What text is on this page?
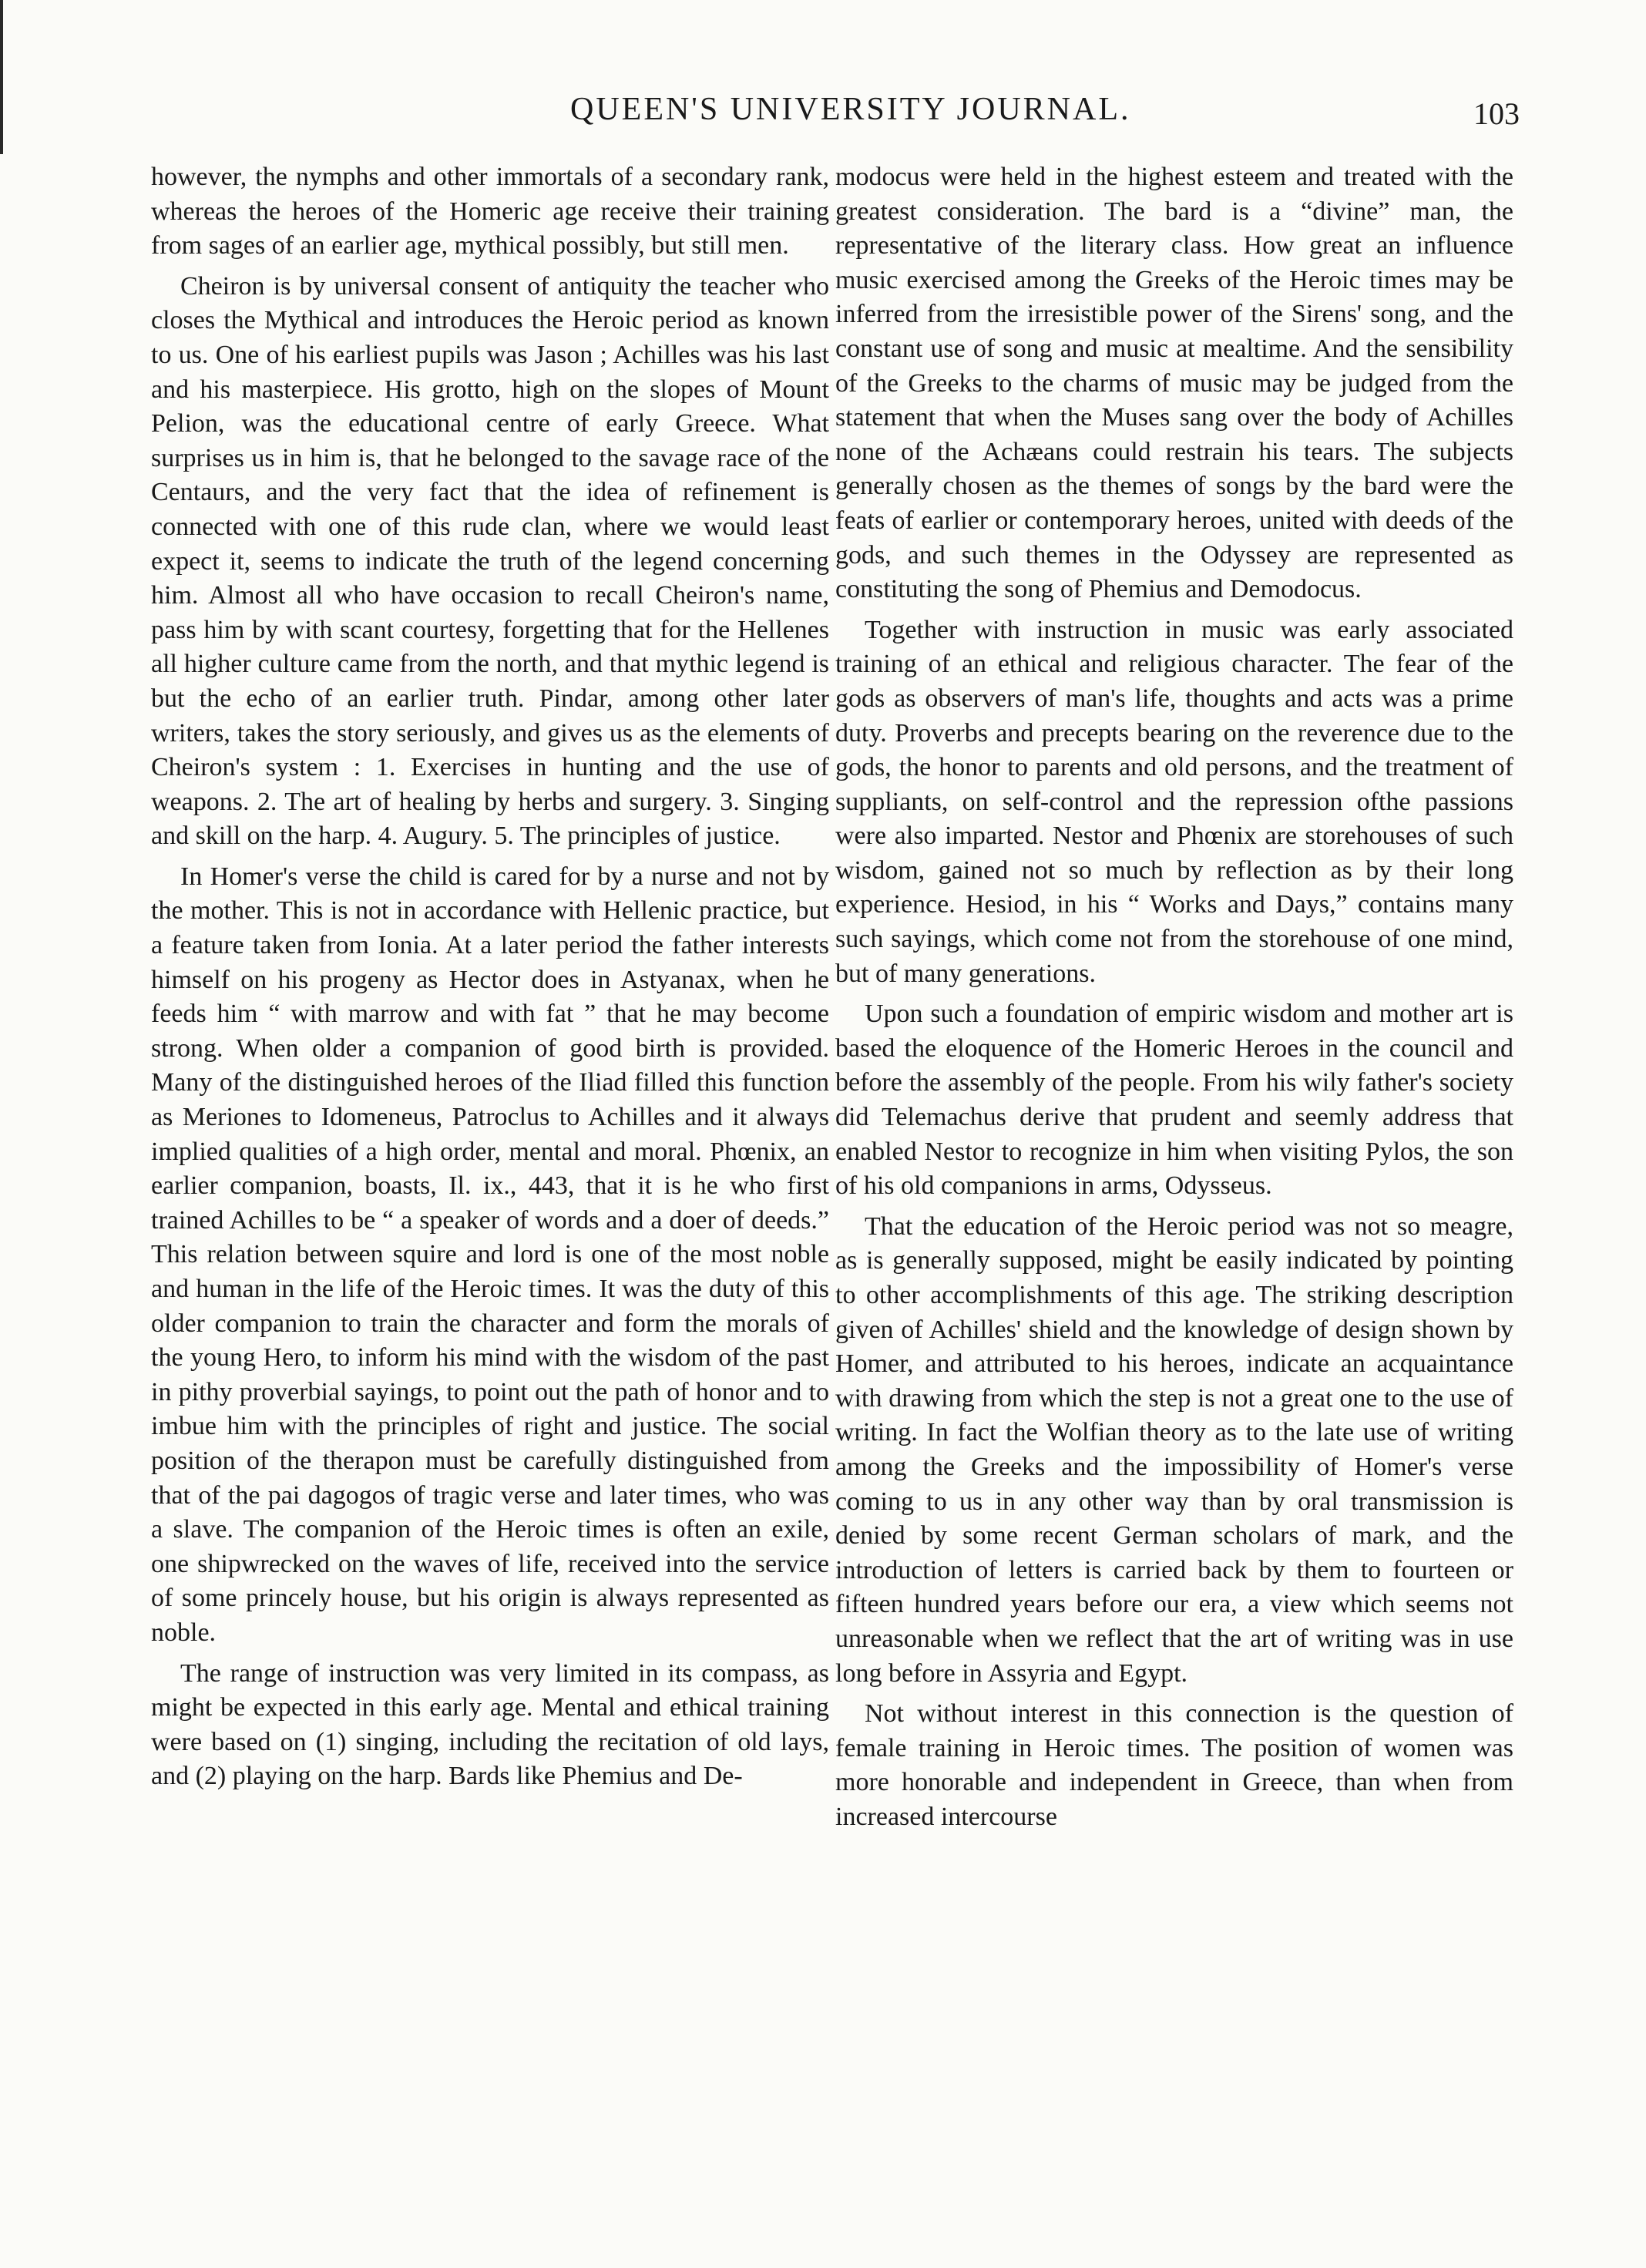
QUEEN'S UNIVERSITY JOURNAL.	103

however, the nymphs and other immortals of a secondary rank, whereas the heroes of the Homeric age receive their training from sages of an earlier age, mythical possibly, but still men.

Cheiron is by universal consent of antiquity the teacher who closes the Mythical and introduces the Heroic period as known to us. One of his earliest pupils was Jason ; Achilles was his last and his masterpiece. His grotto, high on the slopes of Mount Pelion, was the educational centre of early Greece. What surprises us in him is, that he belonged to the savage race of the Centaurs, and the very fact that the idea of refinement is connected with one of this rude clan, where we would least expect it, seems to indicate the truth of the legend concerning him. Almost all who have occasion to recall Cheiron's name, pass him by with scant courtesy, forgetting that for the Hellenes all higher culture came from the north, and that mythic legend is but the echo of an earlier truth. Pindar, among other later writers, takes the story seriously, and gives us as the elements of Cheiron's system : 1. Exercises in hunting and the use of weapons. 2. The art of healing by herbs and surgery. 3. Singing and skill on the harp. 4. Augury. 5. The principles of justice.

In Homer's verse the child is cared for by a nurse and not by the mother. This is not in accordance with Hellenic practice, but a feature taken from Ionia. At a later period the father interests himself on his progeny as Hector does in Astyanax, when he feeds him “ with marrow and with fat ” that he may become strong. When older a companion of good birth is provided. Many of the distinguished heroes of the Iliad filled this function as Meriones to Idomeneus, Patroclus to Achilles and it always implied qualities of a high order, mental and moral. Phœnix, an earlier companion, boasts, Il. ix., 443, that it is he who first trained Achilles to be “ a speaker of words and a doer of deeds.” This relation between squire and lord is one of the most noble and human in the life of the Heroic times. It was the duty of this older companion to train the character and form the morals of the young Hero, to inform his mind with the wisdom of the past in pithy proverbial sayings, to point out the path of honor and to imbue him with the principles of right and justice. The social position of the therapon must be carefully distinguished from that of the pai dagogos of tragic verse and later times, who was a slave. The companion of the Heroic times is often an exile, one shipwrecked on the waves of life, received into the service of some princely house, but his origin is always represented as noble.

The range of instruction was very limited in its compass, as might be expected in this early age. Mental and ethical training were based on (1) singing, including the recitation of old lays, and (2) playing on the harp. Bards like Phemius and De-

modocus were held in the highest esteem and treated with the greatest consideration. The bard is a “divine” man, the representative of the literary class. How great an influence music exercised among the Greeks of the Heroic times may be inferred from the irresistible power of the Sirens' song, and the constant use of song and music at mealtime. And the sensibility of the Greeks to the charms of music may be judged from the statement that when the Muses sang over the body of Achilles none of the Achæans could restrain his tears. The subjects generally chosen as the themes of songs by the bard were the feats of earlier or contemporary heroes, united with deeds of the gods, and such themes in the Odyssey are represented as constituting the song of Phemius and Demodocus.

Together with instruction in music was early associated training of an ethical and religious character. The fear of the gods as observers of man's life, thoughts and acts was a prime duty. Proverbs and precepts bearing on the reverence due to the gods, the honor to parents and old persons, and the treatment of suppliants, on self-control and the repression ofthe passions were also imparted. Nestor and Phœnix are storehouses of such wisdom, gained not so much by reflection as by their long experience. Hesiod, in his “ Works and Days,” contains many such sayings, which come not from the storehouse of one mind, but of many generations.

Upon such a foundation of empiric wisdom and mother art is based the eloquence of the Homeric Heroes in the council and before the assembly of the people. From his wily father's society did Telemachus derive that prudent and seemly address that enabled Nestor to recognize in him when visiting Pylos, the son of his old companions in arms, Odysseus.

That the education of the Heroic period was not so meagre, as is generally supposed, might be easily indicated by pointing to other accomplishments of this age. The striking description given of Achilles' shield and the knowledge of design shown by Homer, and attributed to his heroes, indicate an acquaintance with drawing from which the step is not a great one to the use of writing. In fact the Wolfian theory as to the late use of writing among the Greeks and the impossibility of Homer's verse coming to us in any other way than by oral transmission is denied by some recent German scholars of mark, and the introduction of letters is carried back by them to fourteen or fifteen hundred years before our era, a view which seems not unreasonable when we reflect that the art of writing was in use long before in Assyria and Egypt.

Not without interest in this connection is the question of female training in Heroic times. The position of women was more honorable and independent in Greece, than when from increased intercourse
